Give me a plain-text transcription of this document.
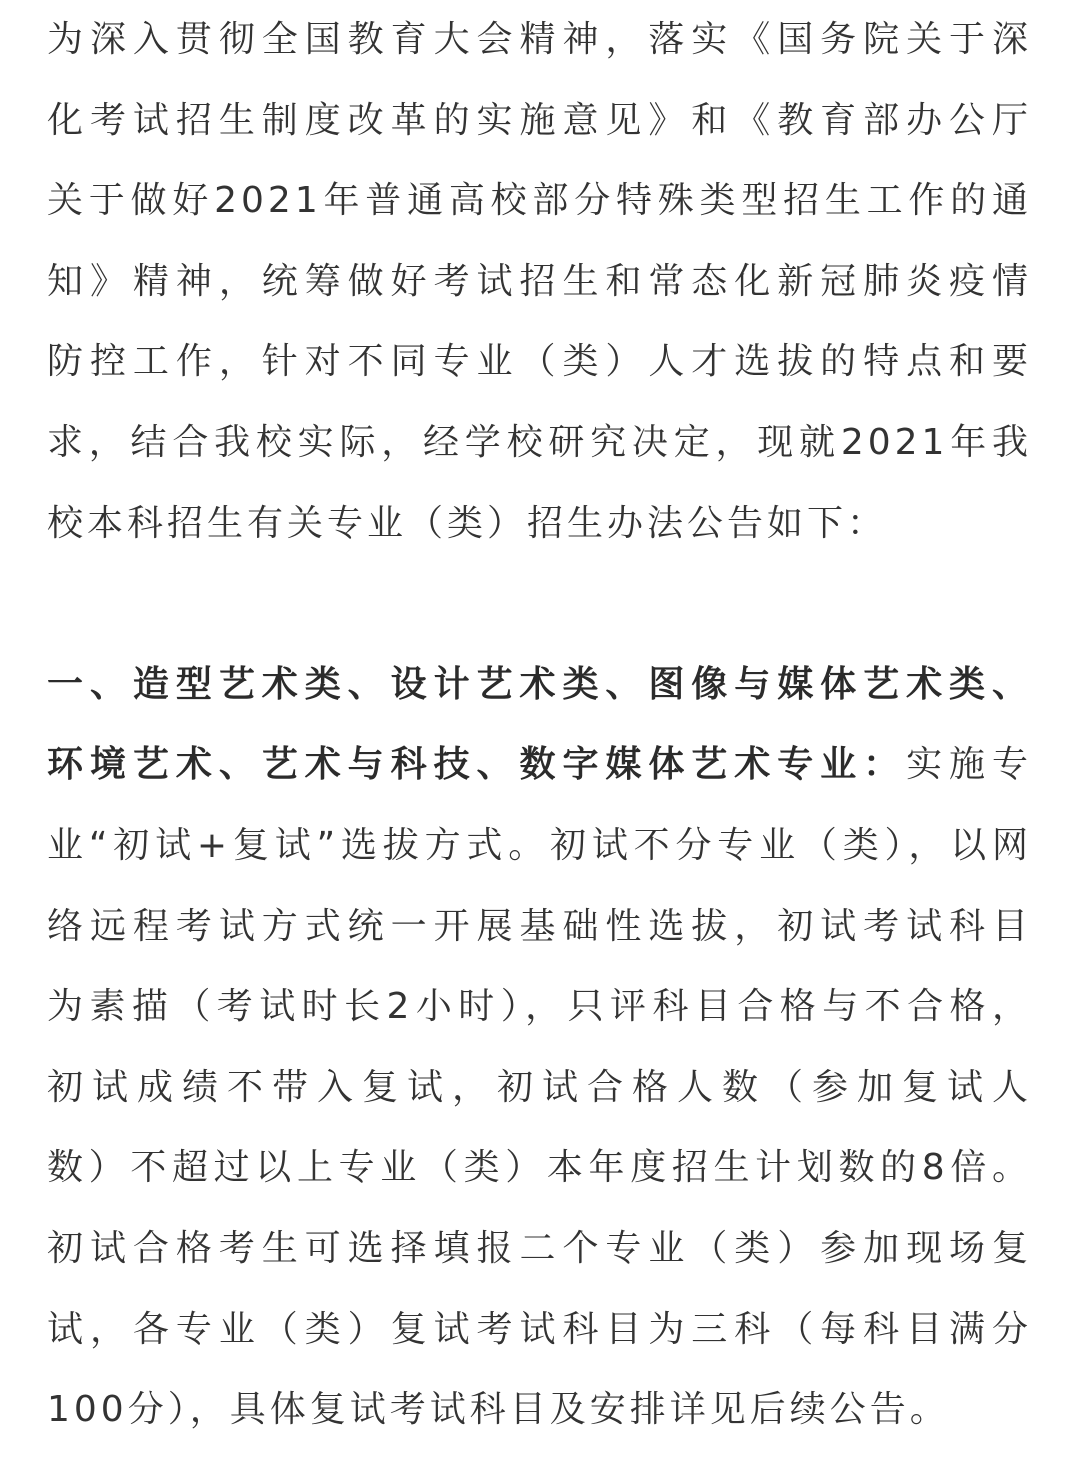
为深入贯彻全国教育大会精神，落实《国务院关于深
化考试招生制度改革的实施意见》和《教育部办公厅
关于做好2021年普通高校部分特殊类型招生工作的通
知》精神，统筹做好考试招生和常态化新冠肺炎疫情
防控工作，针对不同专业（类）人才选拔的特点和要
求，结合我校实际，经学校研究决定，现就2021年我
校本科招生有关专业（类）招生办法公告如下：
一、造型艺术类、设计艺术类、图像与媒体艺术类、
环境艺术、艺术与科技、数字媒体艺术专业：实施专
业“初试+复试”选拔方式。初试不分专业（类），以网
络远程考试方式统一开展基础性选拔，初试考试科目
为素描（考试时长2小时），只评科目合格与不合格，
初试成绩不带入复试，初试合格人数（参加复试人
数）不超过以上专业（类）本年度招生计划数的8倍。
初试合格考生可选择填报二个专业（类）参加现场复
试，各专业（类）复试考试科目为三科（每科目满分
100分），具体复试考试科目及安排详见后续公告。
